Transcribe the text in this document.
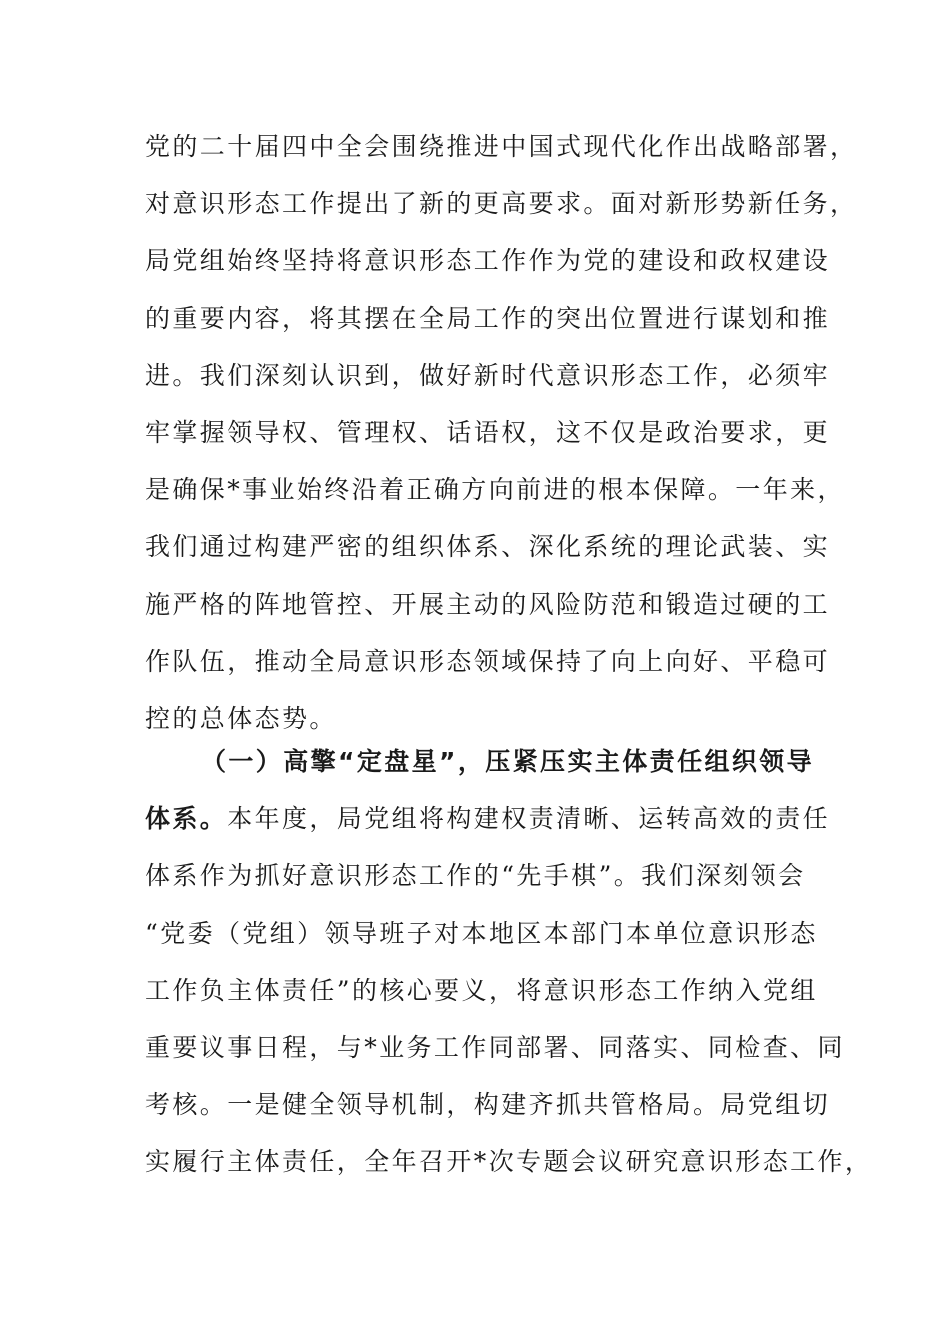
党的二十届四中全会围绕推进中国式现代化作出战略部署，
对意识形态工作提出了新的更高要求。面对新形势新任务，
局党组始终坚持将意识形态工作作为党的建设和政权建设
的重要内容，将其摆在全局工作的突出位置进行谋划和推
进。我们深刻认识到，做好新时代意识形态工作，必须牢
牢掌握领导权、管理权、话语权，这不仅是政治要求，更
是确保*事业始终沿着正确方向前进的根本保障。一年来，
我们通过构建严密的组织体系、深化系统的理论武装、实
施严格的阵地管控、开展主动的风险防范和锻造过硬的工
作队伍，推动全局意识形态领域保持了向上向好、平稳可
控的总体态势。
（一）高擎“定盘星”，压紧压实主体责任组织领导
体系。本年度，局党组将构建权责清晰、运转高效的责任
体系作为抓好意识形态工作的“先手棋”。我们深刻领会
“党委（党组）领导班子对本地区本部门本单位意识形态
工作负主体责任”的核心要义，将意识形态工作纳入党组
重要议事日程，与*业务工作同部署、同落实、同检查、同
考核。一是健全领导机制，构建齐抓共管格局。局党组切
实履行主体责任，全年召开*次专题会议研究意识形态工作，
